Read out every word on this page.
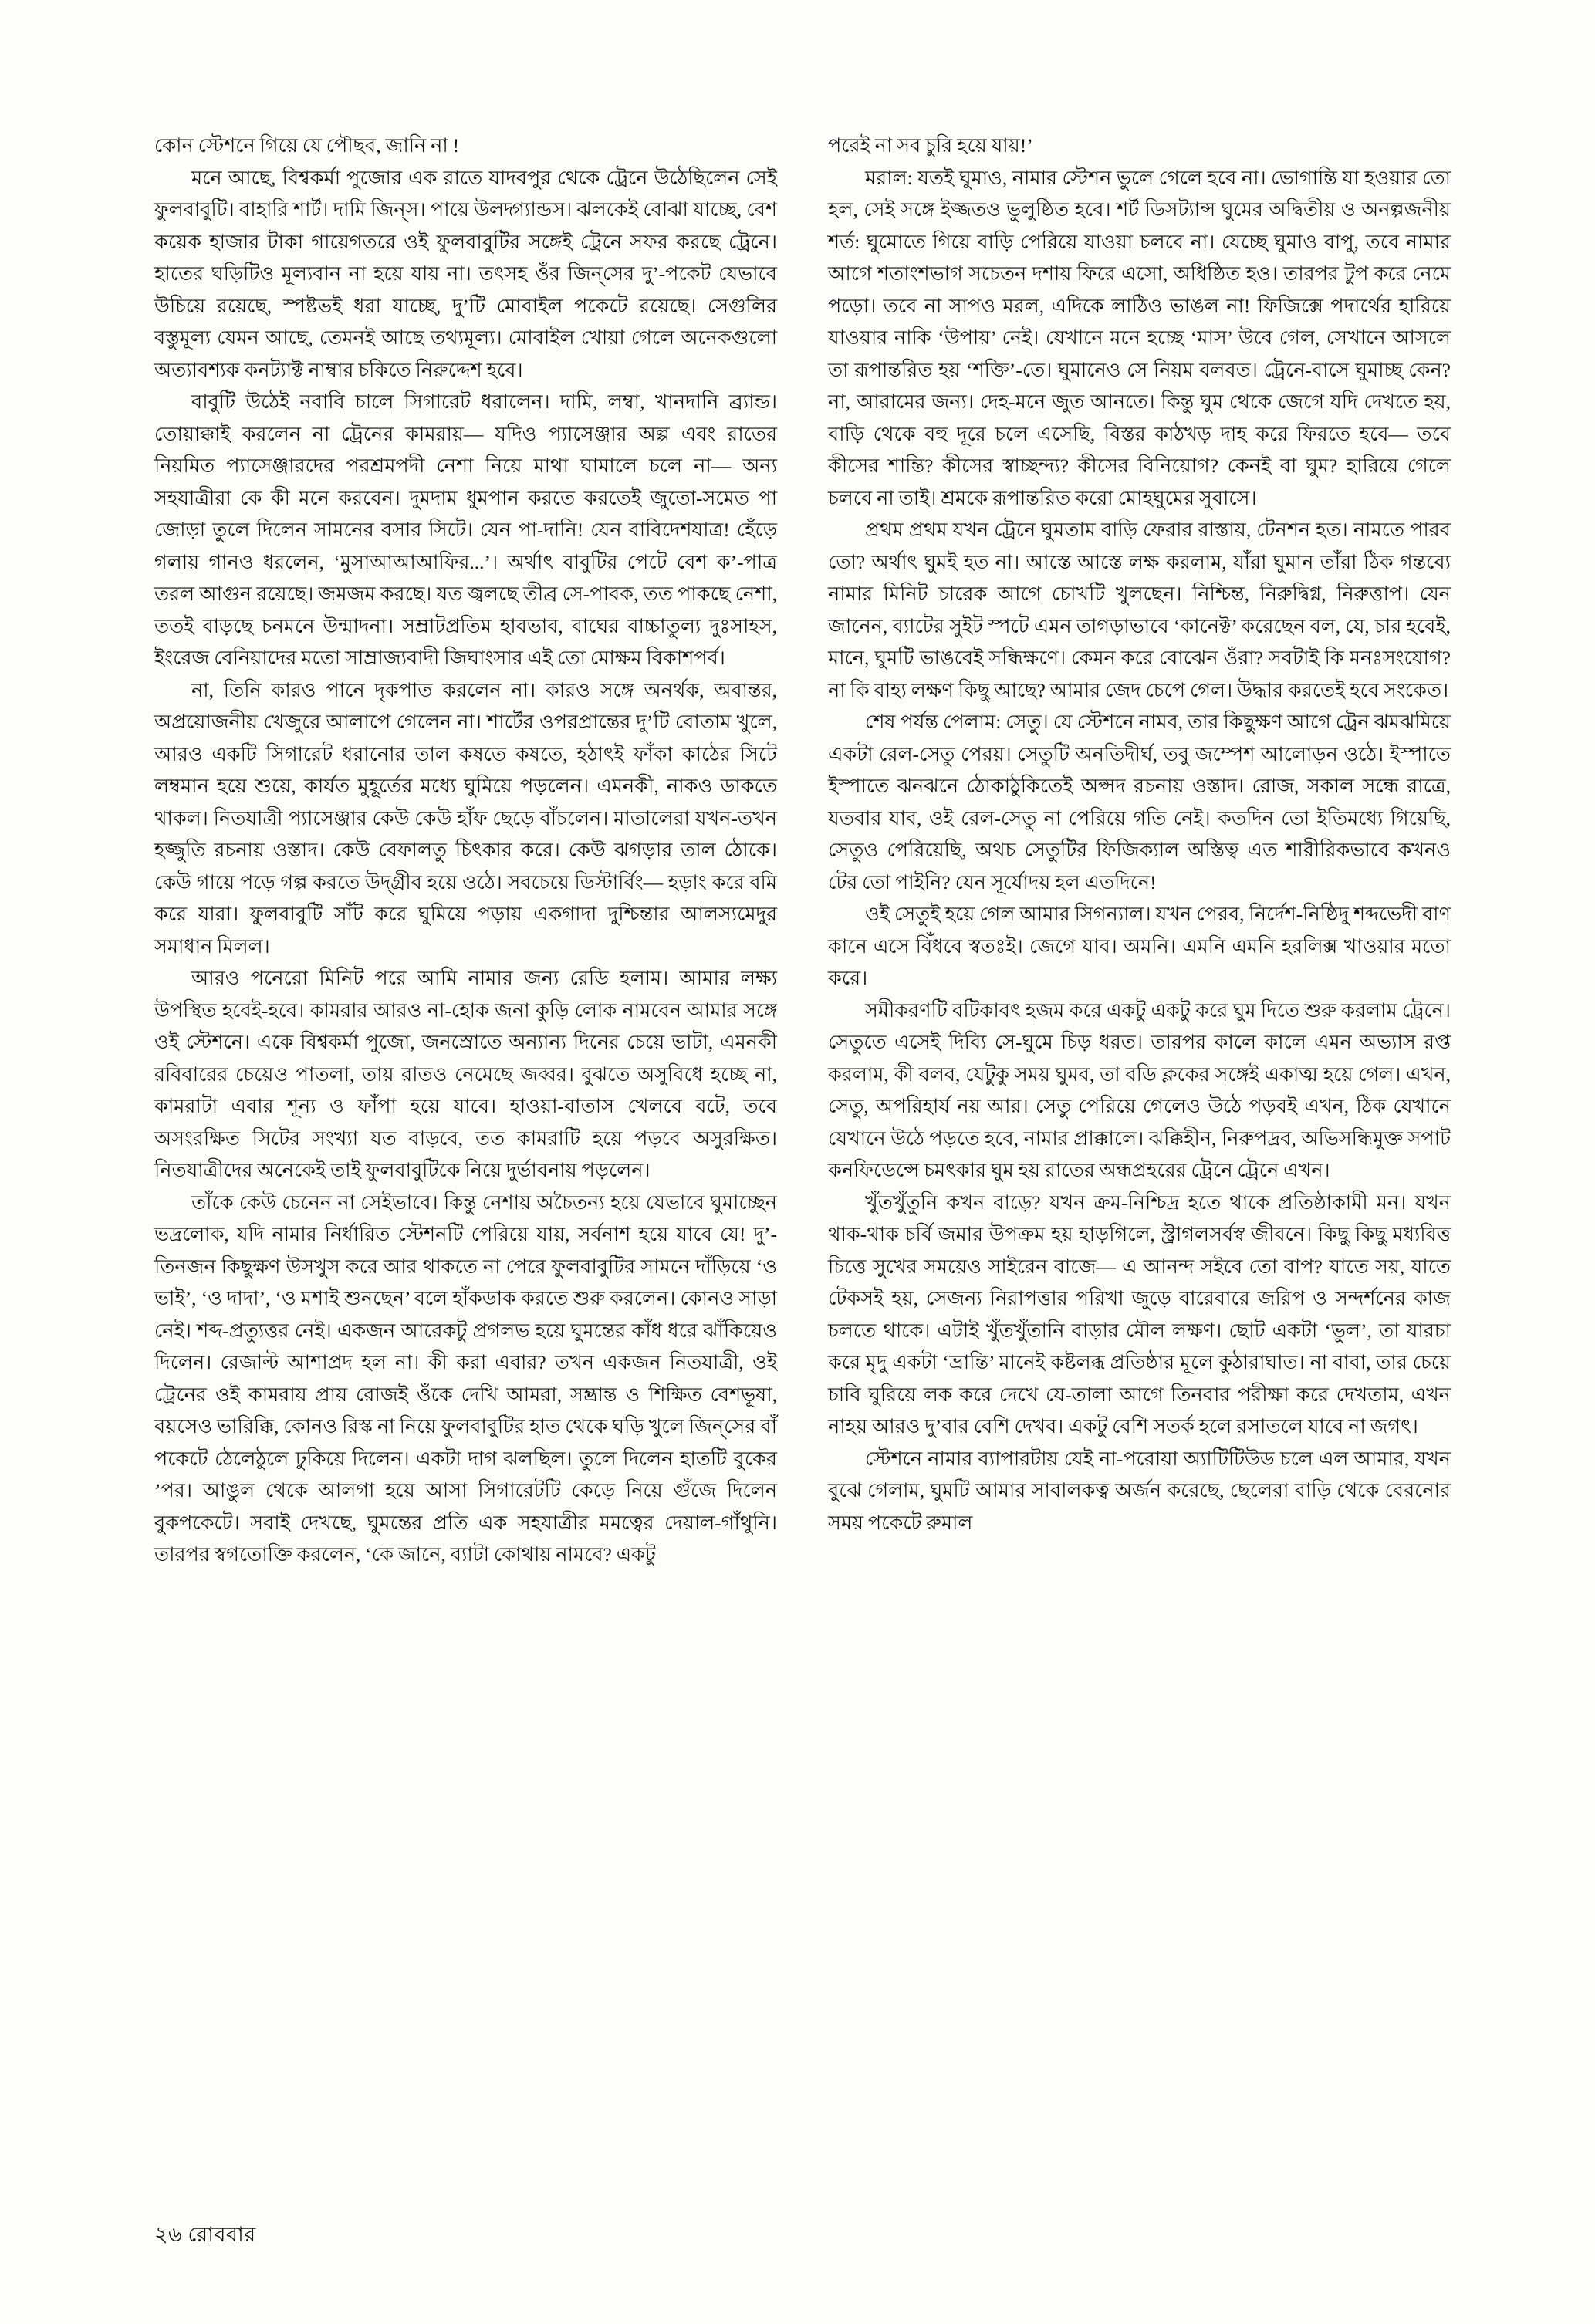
কোন স্টেশনে গিয়ে যে পৌছব, জানি না !

মনে আছে, বিশ্বকর্মা পুজোর এক রাতে যাদবপুর থেকে ট্রেনে উঠেছিলেন সেই ফুলবাবুটি। বাহারি শার্ট। দামি জিন্‌স। পায়ে উলদ্গ্যান্ডস। ঝলকেই বোঝা যাচ্ছে, বেশ কয়েক হাজার টাকা গায়েগতরে ওই ফুলবাবুটির সঙ্গেই ট্রেনে সফর করছে ট্রেনে। হাতের ঘড়িটিও মূল্যবান না হয়ে যায় না। তৎসহ ওঁর জিন্‌সের দু’-পকেট যেভাবে উচিয়ে রয়েছে, স্পষ্টভই ধরা যাচ্ছে, দু’টি মোবাইল পকেটে রয়েছে। সেগুলির বস্তুমূল্য যেমন আছে, তেমনই আছে তথ্যমূল্য। মোবাইল খোয়া গেলে অনেকগুলো অত্যাবশ্যক কনট্যাক্ট নাম্বার চকিতে নিরুদ্দেশ হবে।

বাবুটি উঠেই নবাবি চালে সিগারেট ধরালেন। দামি, লম্বা, খানদানি ব্র্যান্ড। তোয়াক্কাই করলেন না ট্রেনের কামরায়— যদিও প্যাসেঞ্জার অল্প এবং রাতের নিয়মিত প্যাসেঞ্জারদের পরশ্রমপদী নেশা নিয়ে মাথা ঘামালে চলে না— অন্য সহযাত্রীরা কে কী মনে করবেন। দুমদাম ধুমপান করতে করতেই জুতো-সমেত পা জোড়া তুলে দিলেন সামনের বসার সিটে। যেন পা-দানি! যেন বাবিদেশযাত্র! হেঁড়ে গলায় গানও ধরলেন, ‘মুসাআআআফির...’। অর্থাৎ বাবুটির পেটে বেশ ক’-পাত্র তরল আগুন রয়েছে। জমজম করছে। যত জ্বলছে তীব্র সে-পাবক, তত পাকছে নেশা, ততই বাড়ছে চনমনে উন্মাদনা। সম্রাটপ্রতিম হাবভাব, বাঘের বাচ্চাতুল্য দুঃসাহস, ইংরেজ বেনিয়াদের মতো সাম্রাজ্যবাদী জিঘাংসার এই তো মোক্ষম বিকাশপর্ব।

না, তিনি কারও পানে দৃকপাত করলেন না। কারও সঙ্গে অনর্থক, অবান্তর, অপ্রয়োজনীয় খেজুরে আলাপে গেলেন না। শার্টের ওপরপ্রান্তের দু’টি বোতাম খুলে, আরও একটি সিগারেট ধরানোর তাল কষতে কষতে, হঠাৎই ফাঁকা কাঠের সিটে লম্বমান হয়ে শুয়ে, কার্যত মুহূর্তের মধ্যে ঘুমিয়ে পড়লেন। এমনকী, নাকও ডাকতে থাকল। নিতযাত্রী প্যাসেঞ্জার কেউ কেউ হাঁফ ছেড়ে বাঁচলেন। মাতালেরা যখন-তখন হজ্জুতি রচনায় ওস্তাদ। কেউ বেফালতু চিৎকার করে। কেউ ঝগড়ার তাল ঠোকে। কেউ গায়ে পড়ে গল্প করতে উদ্গ্রীব হয়ে ওঠে। সবচেয়ে ডিস্টার্বিং— হড়াং করে বমি করে যারা। ফুলবাবুটি সাঁট করে ঘুমিয়ে পড়ায় একগাদা দুশ্চিন্তার আলস্যমেদুর সমাধান মিলল।

আরও পনেরো মিনিট পরে আমি নামার জন্য রেডি হলাম। আমার লক্ষ্য উপস্থিত হবেই-হবে। কামরার আরও না-হোক জনা কুড়ি লোক নামবেন আমার সঙ্গে ওই স্টেশনে। একে বিশ্বকর্মা পুজো, জনস্রোতে অন্যান্য দিনের চেয়ে ভাটা, এমনকী রবিবারের চেয়েও পাতলা, তায় রাতও নেমেছে জব্বর। বুঝতে অসুবিধে হচ্ছে না, কামরাটা এবার শূন্য ও ফাঁপা হয়ে যাবে। হাওয়া-বাতাস খেলবে বটে, তবে অসংরক্ষিত সিটের সংখ্যা যত বাড়বে, তত কামরাটি হয়ে পড়বে অসুরক্ষিত। নিতযাত্রীদের অনেকেই তাই ফুলবাবুটিকে নিয়ে দুর্ভাবনায় পড়লেন।

তাঁকে কেউ চেনেন না সেইভাবে। কিন্তু নেশায় অচৈতন্য হয়ে যেভাবে ঘুমাচ্ছেন ভদ্রলোক, যদি নামার নির্ধারিত স্টেশনটি পেরিয়ে যায়, সর্বনাশ হয়ে যাবে যে! দু’-তিনজন কিছুক্ষণ উসখুস করে আর থাকতে না পেরে ফুলবাবুটির সামনে দাঁড়িয়ে ‘ও ভাই’, ‘ও দাদা’, ‘ও মশাই শুনছেন’ বলে হাঁকডাক করতে শুরু করলেন। কোনও সাড়া নেই। শব্দ-প্রত্যুত্তর নেই। একজন আরেকটু প্রগলভ হয়ে ঘুমন্তের কাঁধ ধরে ঝাঁকিয়েও দিলেন। রেজাল্ট আশাপ্রদ হল না। কী করা এবার? তখন একজন নিতযাত্রী, ওই ট্রেনের ওই কামরায় প্রায় রোজই ওঁকে দেখি আমরা, সম্ভ্রান্ত ও শিক্ষিত বেশভূষা, বয়সেও ভারিক্কি, কোনও রিস্ক না নিয়ে ফুলবাবুটির হাত থেকে ঘড়ি খুলে জিন্‌সের বাঁ পকেটে ঠেলেঠুলে ঢুকিয়ে দিলেন। একটা দাগ ঝলছিল। তুলে দিলেন হাতটি বুকের ’পর। আঙুল থেকে আলগা হয়ে আসা সিগারেটটি কেড়ে নিয়ে গুঁজে দিলেন বুকপকেটে। সবাই দেখছে, ঘুমন্তের প্রতি এক সহযাত্রীর মমত্বের দেয়াল-গাঁথুনি। তারপর স্বগতোক্তি করলেন, ‘কে জানে, ব্যাটা কোথায় নামবে? একটু

পরেই না সব চুরি হয়ে যায়!’

মরাল: যতই ঘুমাও, নামার স্টেশন ভুলে গেলে হবে না। ভোগান্তি যা হওয়ার তো হল, সেই সঙ্গে ইজ্জতও ভুলুষ্ঠিত হবে। শর্ট ডিসট্যান্স ঘুমের অদ্বিতীয় ও অনল্পজনীয় শর্ত: ঘুমোতে গিয়ে বাড়ি পেরিয়ে যাওয়া চলবে না। যেচ্ছে ঘুমাও বাপু, তবে নামার আগে শতাংশভাগ সচেতন দশায় ফিরে এসো, অধিষ্ঠিত হও। তারপর টুপ করে নেমে পড়ো। তবে না সাপও মরল, এদিকে লাঠিও ভাঙল না! ফিজিক্সে পদার্থের হারিয়ে যাওয়ার নাকি ‘উপায়’ নেই। যেখানে মনে হচ্ছে ‘মাস’ উবে গেল, সেখানে আসলে তা রূপান্তরিত হয় ‘শক্তি’-তে। ঘুমানেও সে নিয়ম বলবত। ট্রেনে-বাসে ঘুমাচ্ছ কেন? না, আরামের জন্য। দেহ-মনে জুত আনতে। কিন্তু ঘুম থেকে জেগে যদি দেখতে হয়, বাড়ি থেকে বহু দূরে চলে এসেছি, বিস্তর কাঠখড় দাহ করে ফিরতে হবে— তবে কীসের শান্তি? কীসের স্বাচ্ছন্দ্য? কীসের বিনিয়োগ? কেনই বা ঘুম? হারিয়ে গেলে চলবে না তাই। শ্রমকে রূপান্তরিত করো মোহঘুমের সুবাসে।

প্রথম প্রথম যখন ট্রেনে ঘুমতাম বাড়ি ফেরার রাস্তায়, টেনশন হত। নামতে পারব তো? অর্থাৎ ঘুমই হত না। আস্তে আস্তে লক্ষ করলাম, যাঁরা ঘুমান তাঁরা ঠিক গন্তব্যে নামার মিনিট চারেক আগে চোখটি খুলছেন। নিশ্চিন্ত, নিরুদ্বিগ্ন, নিরুত্তাপ। যেন জানেন, ব্যাটের সুইট স্পটে এমন তাগড়াভাবে ‘কানেক্ট’ করেছেন বল, যে, চার হবেই, মানে, ঘুমটি ভাঙবেই সন্ধিক্ষণে। কেমন করে বোঝেন ওঁরা? সবটাই কি মনঃসংযোগ? না কি বাহ্য লক্ষণ কিছু আছে? আমার জেদ চেপে গেল। উদ্ধার করতেই হবে সংকেত।

শেষ পর্যন্ত পেলাম: সেতু। যে স্টেশনে নামব, তার কিছুক্ষণ আগে ট্রেন ঝমঝমিয়ে একটা রেল-সেতু পেরয়। সেতুটি অনতিদীর্ঘ, তবু জম্পেশ আলোড়ন ওঠে। ইস্পাতে ইস্পাতে ঝনঝনে ঠোকাঠুকিতেই অপ্সদ রচনায় ওস্তাদ। রোজ, সকাল সন্ধে রাত্রে, যতবার যাব, ওই রেল-সেতু না পেরিয়ে গতি নেই। কতদিন তো ইতিমধ্যে গিয়েছি, সেতুও পেরিয়েছি, অথচ সেতুটির ফিজিক্যাল অস্তিত্ব এত শারীরিকভাবে কখনও টের তো পাইনি? যেন সূর্যোদয় হল এতদিনে!

ওই সেতুই হয়ে গেল আমার সিগন্যাল। যখন পেরব, নির্দেশ-নিষ্ঠিদু শব্দভেদী বাণ কানে এসে বিঁধবে স্বতঃই। জেগে যাব। অমনি। এমনি এমনি হরলিক্স খাওয়ার মতো করে।

সমীকরণটি বটিকাবৎ হজম করে একটু একটু করে ঘুম দিতে শুরু করলাম ট্রেনে। সেতুতে এসেই দিব্যি সে-ঘুমে চিড় ধরত। তারপর কালে কালে এমন অভ্যাস রপ্ত করলাম, কী বলব, যেটুকু সময় ঘুমব, তা বডি ক্লকের সঙ্গেই একাত্ম হয়ে গেল। এখন, সেতু, অপরিহার্য নয় আর। সেতু পেরিয়ে গেলেও উঠে পড়বই এখন, ঠিক যেখানে যেখানে উঠে পড়তে হবে, নামার প্রাক্কালে। ঝক্কিহীন, নিরুপদ্রব, অভিসন্ধিমুক্ত সপাট কনফিডেন্সে চমৎকার ঘুম হয় রাতের অন্ধপ্রহরের ট্রেনে ট্রেনে এখন।

খুঁতখুঁতুনি কখন বাড়ে? যখন ক্রম-নিশ্চিদ্র হতে থাকে প্রতিষ্ঠাকামী মন। যখন থাক-থাক চর্বি জমার উপক্রম হয় হাড়গিলে, স্ট্রাগলসর্বস্ব জীবনে। কিছু কিছু মধ্যবিত্ত চিত্তে সুখের সময়েও সাইরেন বাজে— এ আনন্দ সইবে তো বাপ? যাতে সয়, যাতে টেকসই হয়, সেজন্য নিরাপত্তার পরিখা জুড়ে বারেবারে জরিপ ও সন্দর্শনের কাজ চলতে থাকে। এটাই খুঁতখুঁতানি বাড়ার মৌল লক্ষণ। ছোট একটা ‘ভুল’, তা যারচা করে মৃদু একটা ‘ভ্রান্তি’ মানেই কষ্টলব্ধ প্রতিষ্ঠার মূলে কুঠারাঘাত। না বাবা, তার চেয়ে চাবি ঘুরিয়ে লক করে দেখে যে-তালা আগে তিনবার পরীক্ষা করে দেখতাম, এখন নাহয় আরও দু’বার বেশি দেখব। একটু বেশি সতর্ক হলে রসাতলে যাবে না জগৎ।

স্টেশনে নামার ব্যাপারটায় যেই না-পরোয়া অ্যাটিটিউড চলে এল আমার, যখন বুঝে গেলাম, ঘুমটি আমার সাবালকত্ব অর্জন করেছে, ছেলেরা বাড়ি থেকে বেরনোর সময় পকেটে রুমাল

২৬ রোববার
